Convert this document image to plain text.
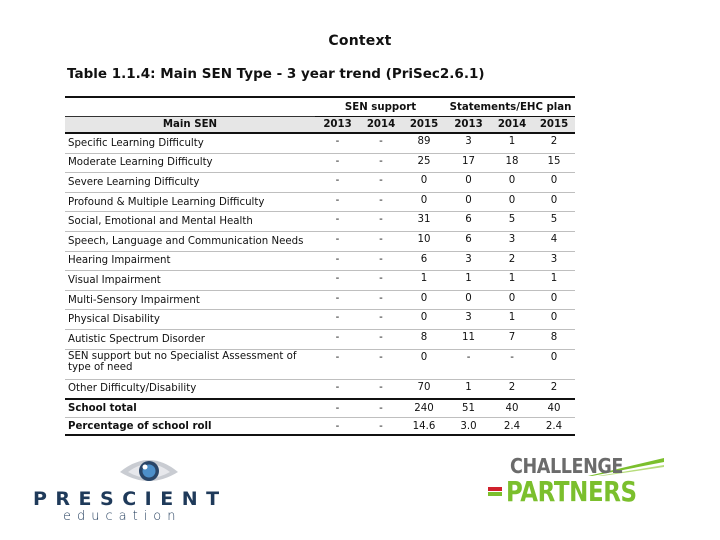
Context
Table 1.1.4: Main SEN Type - 3 year trend (PriSec2.6.1)
	SEN support			Statements/EHC plan		
Main SEN	2013	2014	2015	2013	2014	2015
Specific Learning Difficulty	-	-	89	3	1	2
Moderate Learning Difficulty	-	-	25	17	18	15
Severe Learning Difficulty	-	-	0	0	0	0
Profound & Multiple Learning Difficulty	-	-	0	0	0	0
Social, Emotional and Mental Health	-	-	31	6	5	5
Speech, Language and Communication Needs	-	-	10	6	3	4
Hearing Impairment	-	-	6	3	2	3
Visual Impairment	-	-	1	1	1	1
Multi-Sensory Impairment	-	-	0	0	0	0
Physical Disability	-	-	0	3	1	0
Autistic Spectrum Disorder	-	-	8	11	7	8
SEN support but no Specialist Assessment of type of need	-	-	0	-	-	0
Other Difficulty/Disability	-	-	70	1	2	2
School total	-	-	240	51	40	40
Percentage of school roll	-	-	14.6	3.0	2.4	2.4
PRESCIENT
education
CHALLENGE
PARTNERS
